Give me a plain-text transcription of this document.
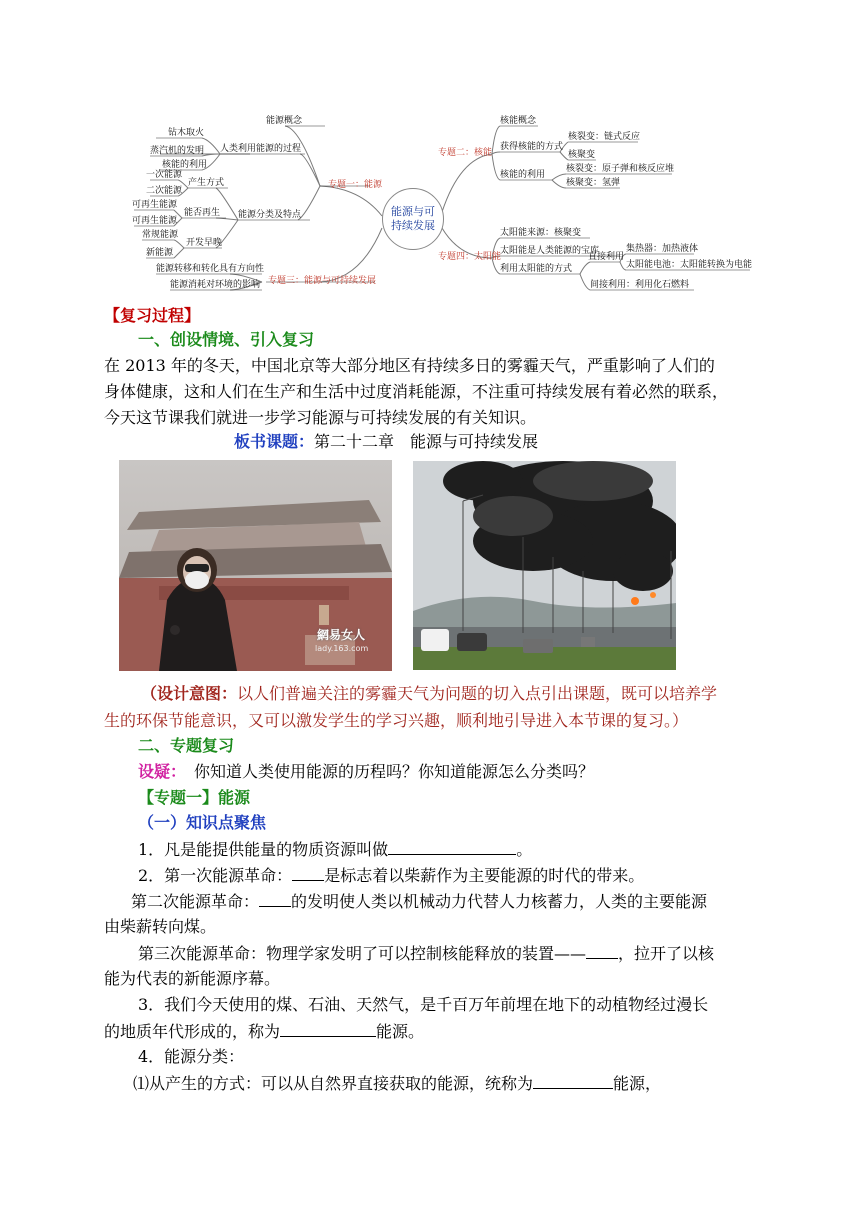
能源与可
持续发展
专题一：能源
专题三：能源与可持续发展
专题二：核能
专题四：太阳能
能源概念
人类利用能源的过程
钻木取火
蒸汽机的发明
核能的利用
能源分类及特点
产生方式
一次能源
二次能源
能否再生
可再生能源
可再生能源
开发早晚
常规能源
新能源
能源转移和转化具有方向性
能源消耗对环境的影响
核能概念
获得核能的方式
核裂变：链式反应
核聚变
核能的利用
核裂变：原子弹和核反应堆
核聚变：氢弹
太阳能来源：核聚变
太阳能是人类能源的宝库
利用太阳能的方式
直接利用
集热器：加热液体
太阳能电池：太阳能转换为电能
间接利用：利用化石燃料
【复习过程】
一、创设情境、引入复习
在 2013 年的冬天，中国北京等大部分地区有持续多日的雾霾天气，严重影响了人们的
身体健康，这和人们在生产和生活中过度消耗能源，不注重可持续发展有着必然的联系，
今天这节课我们就进一步学习能源与可持续发展的有关知识。
板书课题：第二十二章　能源与可持续发展
網易女人
lady.163.com
（设计意图：以人们普遍关注的雾霾天气为问题的切入点引出课题，既可以培养学
生的环保节能意识，又可以激发学生的学习兴趣，顺利地引导进入本节课的复习。）
二、专题复习
设疑： 你知道人类使用能源的历程吗？你知道能源怎么分类吗？
【专题一】能源
（一）知识点聚焦
1．凡是能提供能量的物质资源叫做	。
2．第一次能源革命： 是标志着以柴薪作为主要能源的时代的带来。
第二次能源革命： 的发明使人类以机械动力代替人力核蓄力，人类的主要能源
由柴薪转向煤。
第三次能源革命：物理学家发明了可以控制核能释放的装置—— ，拉开了以核
能为代表的新能源序幕。
3．我们今天使用的煤、石油、天然气，是千百万年前埋在地下的动植物经过漫长
的地质年代形成的，称为	能源。
4．能源分类：
⑴从产生的方式：可以从自然界直接获取的能源，统称为	能源，
